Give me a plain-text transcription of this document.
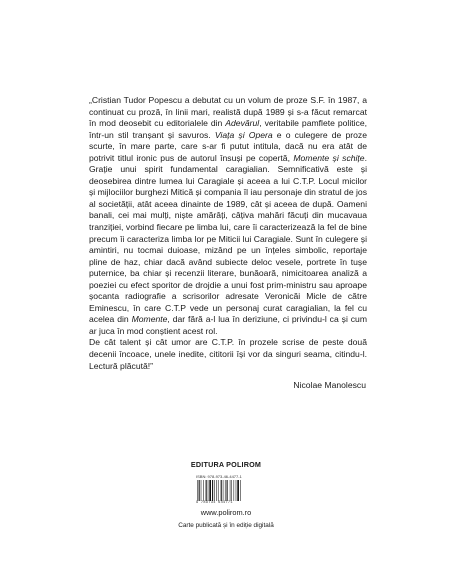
„Cristian Tudor Popescu a debutat cu un volum de proze S.F. în 1987, a continuat cu proză, în linii mari, realistă după 1989 și s-a făcut remarcat în mod deosebit cu editorialele din Adevărul, veritabile pamflete politice, într-un stil tranșant și savuros. Viața și Opera e o culegere de proze scurte, în mare parte, care s-ar fi putut intitula, dacă nu era atât de potrivit titlul ironic pus de autorul însuși pe copertă, Momente și schițe. Grație unui spirit fundamental caragialian. Semnificativă este și deosebirea dintre lumea lui Caragiale și aceea a lui C.T.P. Locul micilor și mijlociilor burghezi Mitică și compania îl iau personaje din stratul de jos al societății, atât aceea dinainte de 1989, cât și aceea de după. Oameni banali, cei mai mulți, niște amărâți, câțiva mahări făcuți din mucavaua tranziției, vorbind fiecare pe limba lui, care îi caracterizează la fel de bine precum îi caracteriza limba lor pe Miticii lui Caragiale. Sunt în culegere și amintiri, nu tocmai duioase, mizând pe un înțeles simbolic, reportaje pline de haz, chiar dacă având subiecte deloc vesele, portrete în tușe puternice, ba chiar și recenzii literare, bunăoară, nimicitoarea analiză a poeziei cu efect sporitor de drojdie a unui fost prim-ministru sau aproape șocanta radiografie a scrisorilor adresate Veronicăi Micle de către Eminescu, în care C.T.P vede un personaj curat caragialian, la fel cu acelea din Momente, dar fără a-l lua în deriziune, ci privindu-l ca și cum ar juca în mod conștient acest rol.

De cât talent și cât umor are C.T.P. în prozele scrise de peste două decenii încoace, unele inedite, cititorii își vor da singuri seama, citindu-l. Lectură plăcută!”

Nicolae Manolescu
EDITURA POLIROM
ISBN: 978-973-46-4477-1
9 789734 644771
www.polirom.ro
Carte publicată și în ediție digitală
